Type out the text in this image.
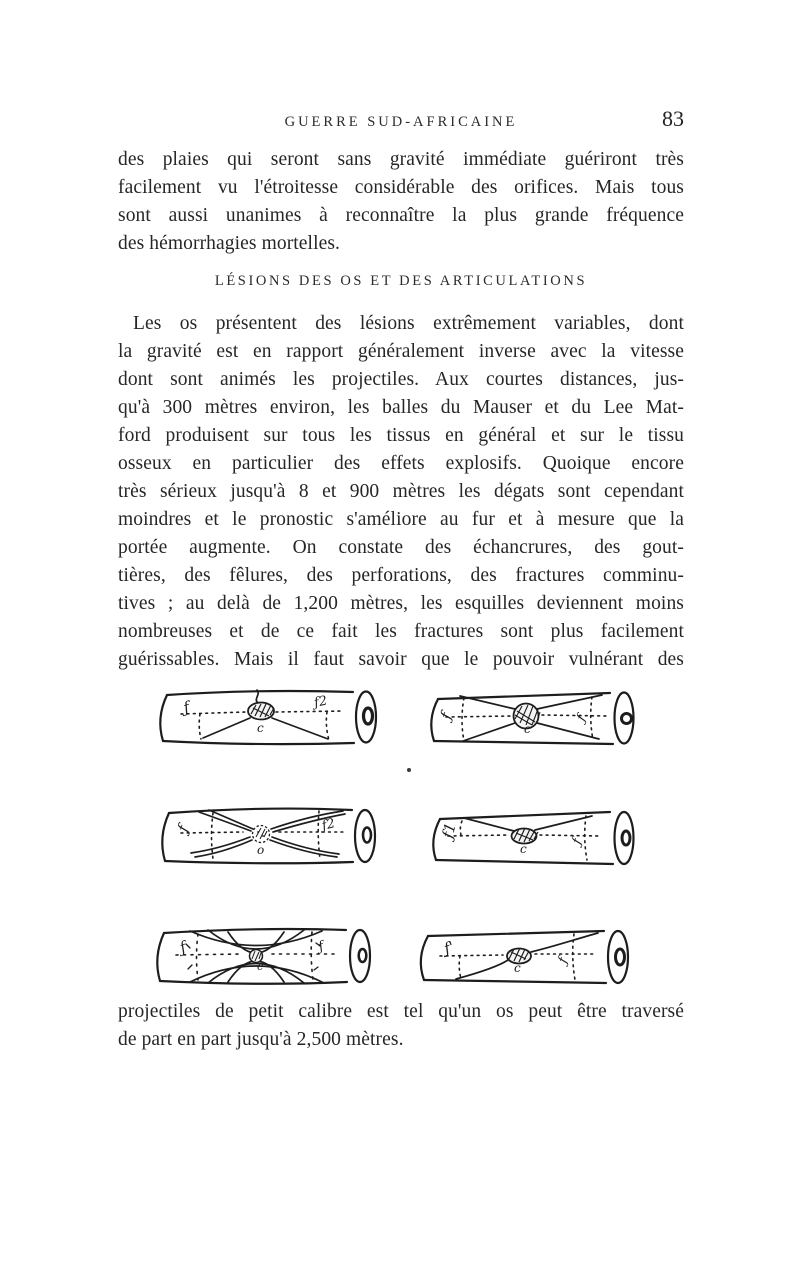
GUERRE SUD-AFRICAINE	83
des plaies qui seront sans gravité immédiate guériront très
facilement vu l'étroitesse considérable des orifices. Mais tous
sont aussi unanimes à reconnaître la plus grande fréquence
des hémorrhagies mortelles.
LÉSIONS DES OS ET DES ARTICULATIONS
Les os présentent des lésions extrêmement variables, dont
la gravité est en rapport généralement inverse avec la vitesse
dont sont animés les projectiles. Aux courtes distances, jus-
qu'à 300 mètres environ, les balles du Mauser et du Lee Mat-
ford produisent sur tous les tissus en général et sur le tissu
osseux en particulier des effets explosifs. Quoique encore
très sérieux jusqu'à 8 et 900 mètres les dégats sont cependant
moindres et le pronostic s'améliore au fur et à mesure que la
portée augmente. On constate des échancrures, des gout-
tières, des fêlures, des perforations, des fractures comminu-
tives ; au delà de 1,200 mètres, les esquilles deviennent moins
nombreuses et de ce fait les fractures sont plus facilement
guérissables. Mais il faut savoir que le pouvoir vulnérant des
ƒ	ƒ2
c
ƒ	ƒ
c
ƒ	ƒ2
o
ƒ1
ƒ
c
ƒ	ƒ
c
ƒ'
ƒ
c
projectiles de petit calibre est tel qu'un os peut être traversé
de part en part jusqu'à 2,500 mètres.
